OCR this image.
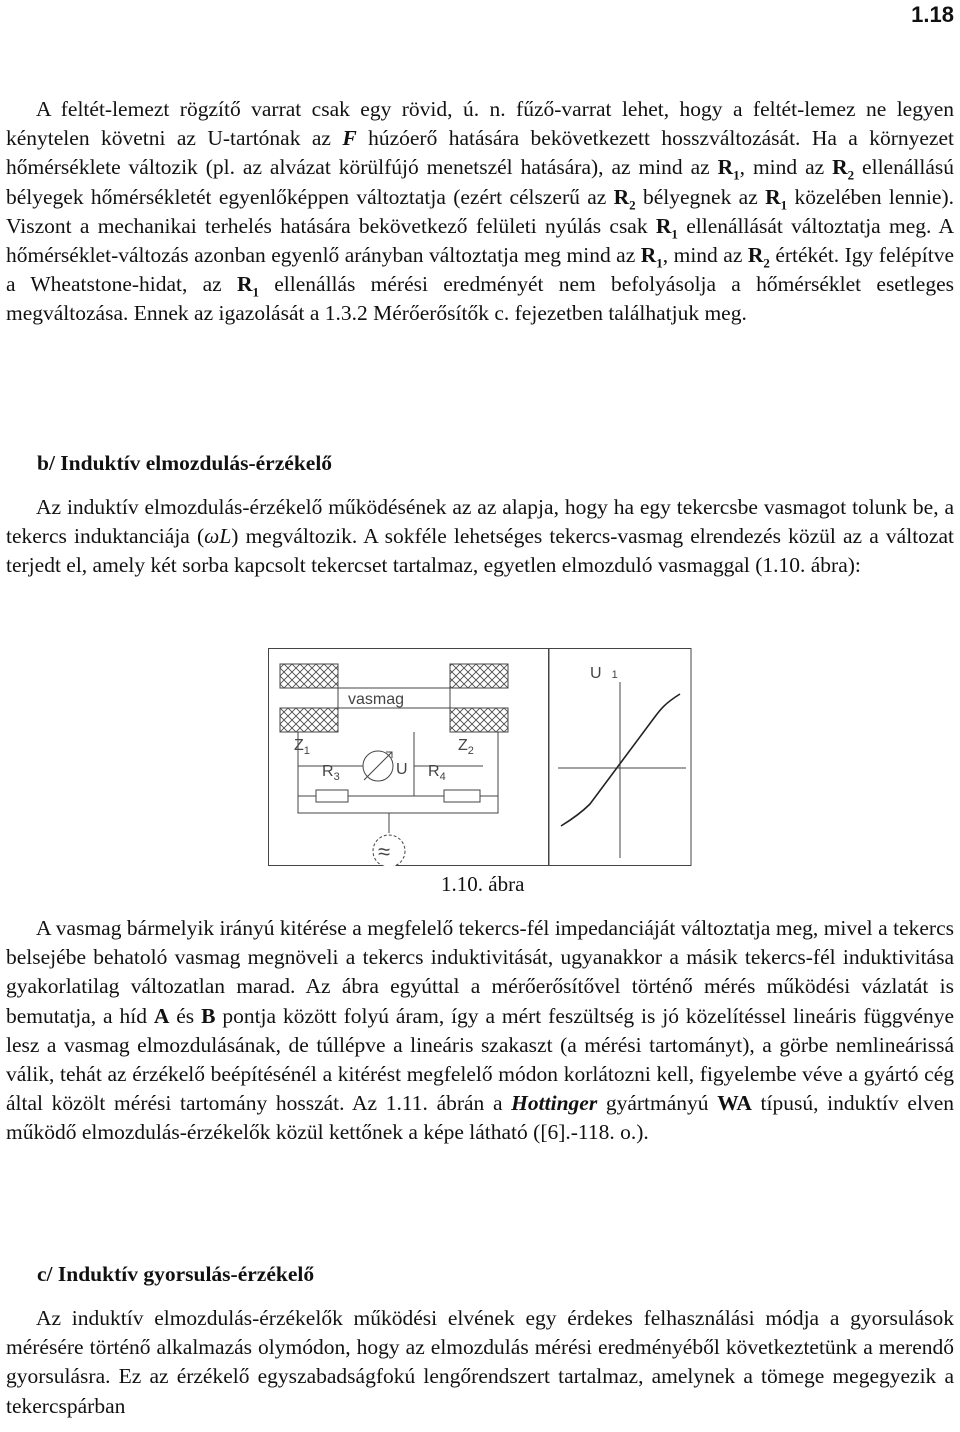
1.18

A feltét-lemezt rögzítő varrat csak egy rövid, ú. n. fűző-varrat lehet, hogy a feltét-lemez ne legyen kénytelen követni az U-tartónak az F húzóerő hatására bekövetkezett hosszváltozását. Ha a környezet hőmérséklete változik (pl. az alvázat körülfújó menetszél hatására), az mind az $R_1$, mind az $R_2$ ellenállású bélyegek hőmérsékletét egyenlőképpen változtatja (ezért célszerű az $R_2$ bélyegnek az $R_1$ közelében lennie). Viszont a mechanikai terhelés hatására bekövetkező felületi nyúlás csak $R_1$ ellenállását változtatja meg. A hőmérséklet-változás azonban egyenlő arányban változtatja meg mind az $R_1$, mind az $R_2$ értékét. Igy felépítve a Wheatstone-hidat, az $R_1$ ellenállás mérési eredményét nem befolyásolja a hőmérséklet esetleges megváltozása. Ennek az igazolását a 1.3.2 Mérőerősítők c. fejezetben találhatjuk meg.

b/ Induktív elmozdulás-érzékelő

Az induktív elmozdulás-érzékelő működésének az az alapja, hogy ha egy tekercsbe vasmagot tolunk be, a tekercs induktanciája (ωL) megváltozik. A sokféle lehetséges tekercs-vasmag elrendezés közül az a változat terjedt el, amely két sorba kapcsolt tekercset tartalmaz, egyetlen elmozduló vasmaggal (1.10. ábra):

vasmag
U
$Z_1$	$Z_2$
$R_3$	$R_4$
≈
U 1
1.10. ábra

A vasmag bármelyik irányú kitérése a megfelelő tekercs-fél impedanciáját változtatja meg, mivel a tekercs belsejébe behatoló vasmag megnöveli a tekercs induktivitását, ugyanakkor a másik tekercs-fél induktivitása gyakorlatilag változatlan marad. Az ábra egyúttal a mérőerősítővel történő mérés működési vázlatát is bemutatja, a híd A és B pontja között folyú áram, így a mért feszültség is jó közelítéssel lineáris függvénye lesz a vasmag elmozdulásának, de túllépve a lineáris szakaszt (a mérési tartományt), a görbe nemlineárissá válik, tehát az érzékelő beépítésénél a kitérést megfelelő módon korlátozni kell, figyelembe véve a gyártó cég által közölt mérési tartomány hosszát. Az 1.11. ábrán a Hottinger gyártmányú WA típusú, induktív elven működő elmozdulás-érzékelők közül kettőnek a képe látható ([6].-118. o.).

c/ Induktív gyorsulás-érzékelő

Az induktív elmozdulás-érzékelők működési elvének egy érdekes felhasználási módja a gyorsulások mérésére történő alkalmazás olymódon, hogy az elmozdulás mérési eredményéből következtetünk a merendő gyorsulásra. Ez az érzékelő egyszabadságfokú lengőrendszert tartalmaz, amelynek a tömege megegyezik a tekercspárban
